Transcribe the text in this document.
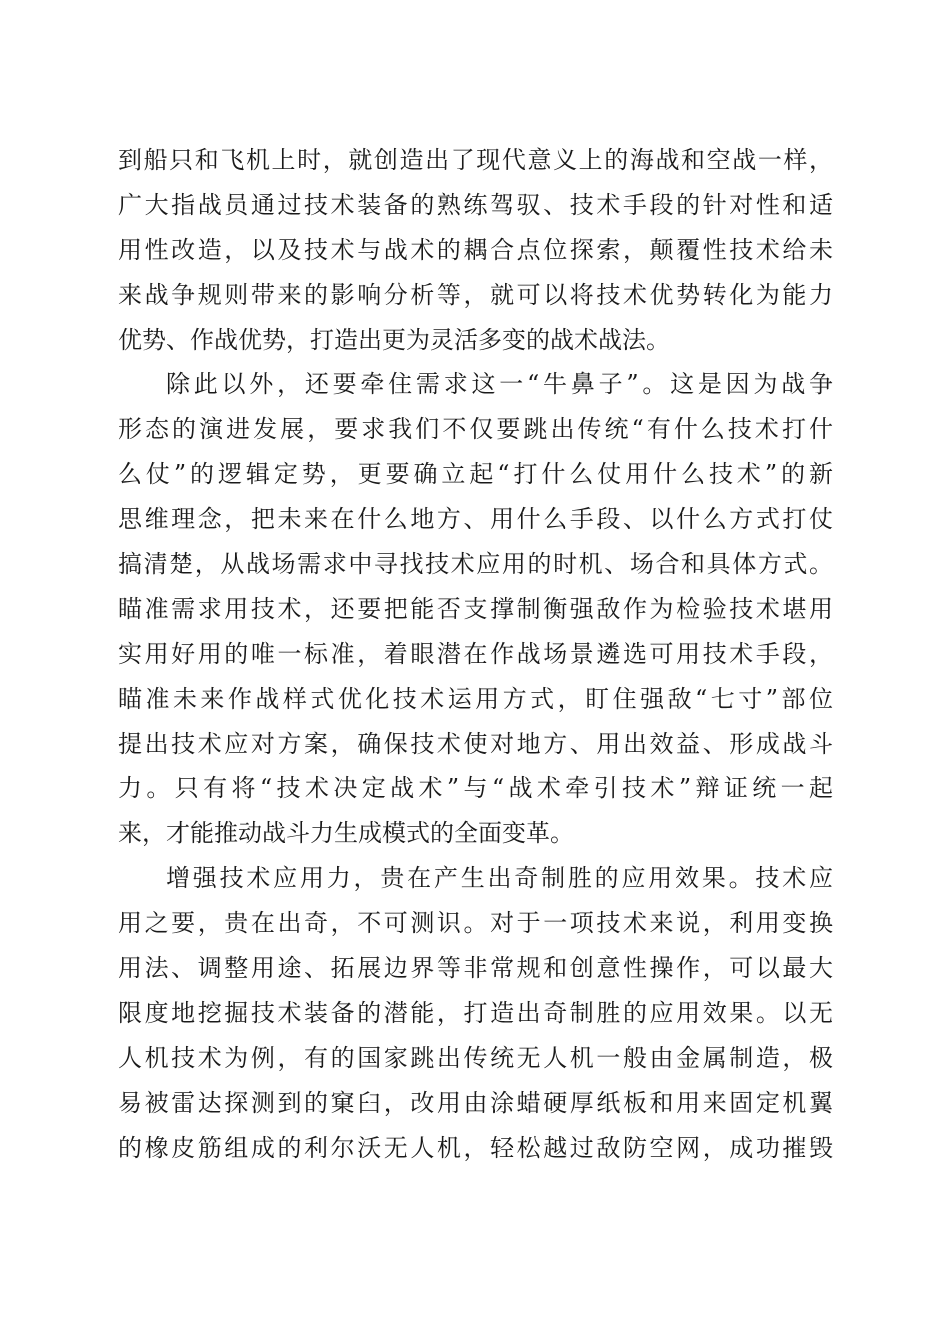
到船只和飞机上时，就创造出了现代意义上的海战和空战一样，
广大指战员通过技术装备的熟练驾驭、技术手段的针对性和适
用性改造，以及技术与战术的耦合点位探索，颠覆性技术给未
来战争规则带来的影响分析等，就可以将技术优势转化为能力
优势、作战优势，打造出更为灵活多变的战术战法。
除此以外，还要牵住需求这一“牛鼻子”。这是因为战争
形态的演进发展，要求我们不仅要跳出传统“有什么技术打什
么仗”的逻辑定势，更要确立起“打什么仗用什么技术”的新
思维理念，把未来在什么地方、用什么手段、以什么方式打仗
搞清楚，从战场需求中寻找技术应用的时机、场合和具体方式。
瞄准需求用技术，还要把能否支撑制衡强敌作为检验技术堪用
实用好用的唯一标准，着眼潜在作战场景遴选可用技术手段，
瞄准未来作战样式优化技术运用方式，盯住强敌“七寸”部位
提出技术应对方案，确保技术使对地方、用出效益、形成战斗
力。只有将“技术决定战术”与“战术牵引技术”辩证统一起
来，才能推动战斗力生成模式的全面变革。
增强技术应用力，贵在产生出奇制胜的应用效果。技术应
用之要，贵在出奇，不可测识。对于一项技术来说，利用变换
用法、调整用途、拓展边界等非常规和创意性操作，可以最大
限度地挖掘技术装备的潜能，打造出奇制胜的应用效果。以无
人机技术为例，有的国家跳出传统无人机一般由金属制造，极
易被雷达探测到的窠臼，改用由涂蜡硬厚纸板和用来固定机翼
的橡皮筋组成的利尔沃无人机，轻松越过敌防空网，成功摧毁
